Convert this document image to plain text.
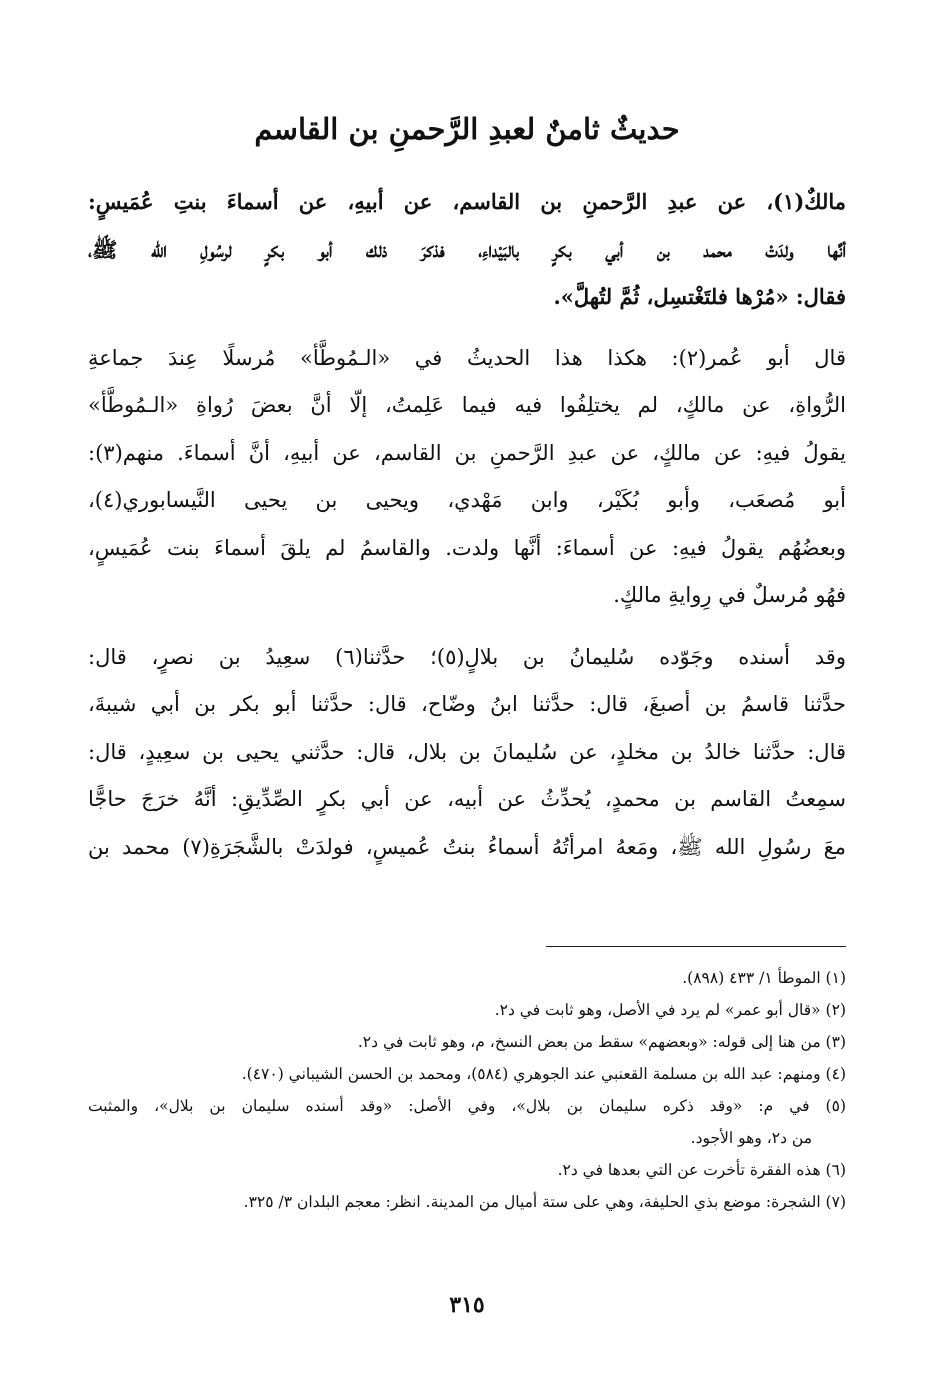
حديثٌ ثامنٌ لعبدِ الرَّحمنِ بن القاسم

مالكٌ(١)، عن عبدِ الرَّحمنِ بن القاسم، عن أبيهِ، عن أسماءَ بنتِ عُمَيسٍ:
أنَّها ولدَتْ محمد بن أبي بكرٍ بالبَيْداءِ، فذكرَ ذلك أبو بكرٍ لرسُولِ الله ﷺ،
فقال: «مُرْها فلتَغْتسِل، ثُمَّ لتُهلَّ».

قال أبو عُمر(٢): هكذا هذا الحديثُ في «الـمُوطَّأ» مُرسلًا عِندَ جماعةِ
الرُّواةِ، عن مالكٍ، لم يختلِفُوا فيه فيما عَلِمتُ، إلّا أنَّ بعضَ رُواةِ «الـمُوطَّأ»
يقولُ فيهِ: عن مالكٍ، عن عبدِ الرَّحمنِ بن القاسم، عن أبيهِ، أنَّ أسماءَ. منهم(٣):
أبو مُصعَب، وأبو بُكَيْر، وابن مَهْدي، ويحيى بن يحيى النَّيسابوري(٤)،
وبعضُهُم يقولُ فيهِ: عن أسماءَ: أنَّها ولدت. والقاسمُ لم يلقَ أسماءَ بنت عُمَيسٍ،
فهُو مُرسلٌ في رِوايةِ مالكٍ.

وقد أسنده وجَوّده سُليمانُ بن بلالٍ(٥)؛ حدَّثنا(٦) سعِيدُ بن نصرٍ، قال:
حدَّثنا قاسمُ بن أصبغَ، قال: حدَّثنا ابنُ وضّاح، قال: حدَّثنا أبو بكر بن أبي شيبةَ،
قال: حدَّثنا خالدُ بن مخلدٍ، عن سُليمانَ بن بلال، قال: حدَّثني يحيى بن سعِيدٍ، قال:
سمِعتُ القاسم بن محمدٍ، يُحدِّثُ عن أبيه، عن أبي بكرٍ الصِّدِّيقِ: أنَّهُ خرَجَ حاجًّا
معَ رسُولِ الله ﷺ، ومَعهُ امرأتُهُ أسماءُ بنتُ عُميسٍ، فولدَتْ بالشَّجَرَةِ(٧) محمد بن

(١) الموطأ ١/ ٤٣٣ (٨٩٨).

(٢) «قال أبو عمر» لم يرد في الأصل، وهو ثابت في د٢.

(٣) من هنا إلى قوله: «وبعضهم» سقط من بعض النسخ، م، وهو ثابت في د٢.

(٤) ومنهم: عبد الله بن مسلمة القعنبي عند الجوهري (٥٨٤)، ومحمد بن الحسن الشيباني (٤٧٠).

(٥) في م: «وقد ذكره سليمان بن بلال»، وفي الأصل: «وقد أسنده سليمان بن بلال»، والمثبت
من د٢، وهو الأجود.

(٦) هذه الفقرة تأخرت عن التي بعدها في د٢.

(٧) الشجرة: موضع بذي الحليفة، وهي على ستة أميال من المدينة. انظر: معجم البلدان ٣/ ٣٢٥.

٣١٥
